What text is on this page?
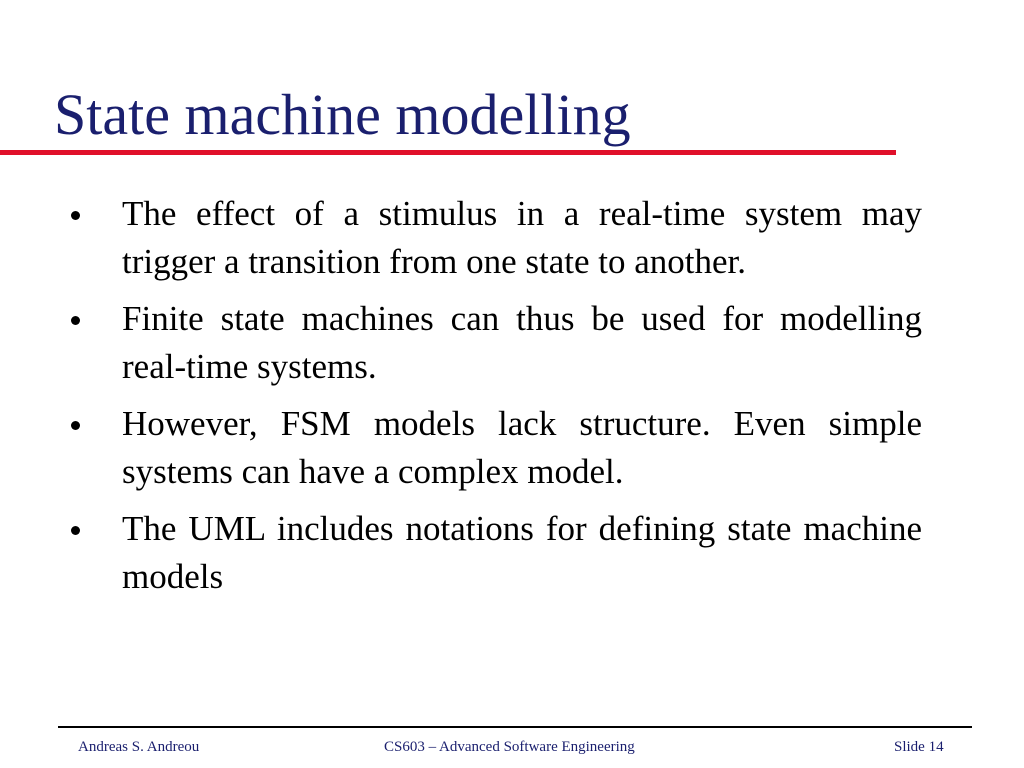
State machine modelling
The effect of a stimulus in a real-time system may trigger a transition from one state to another.
Finite state machines can thus be used for modelling real-time systems.
However, FSM models lack structure. Even simple systems can have a complex model.
The UML includes notations for defining state machine models
Andreas S. Andreou	CS603 – Advanced Software Engineering	Slide 14
